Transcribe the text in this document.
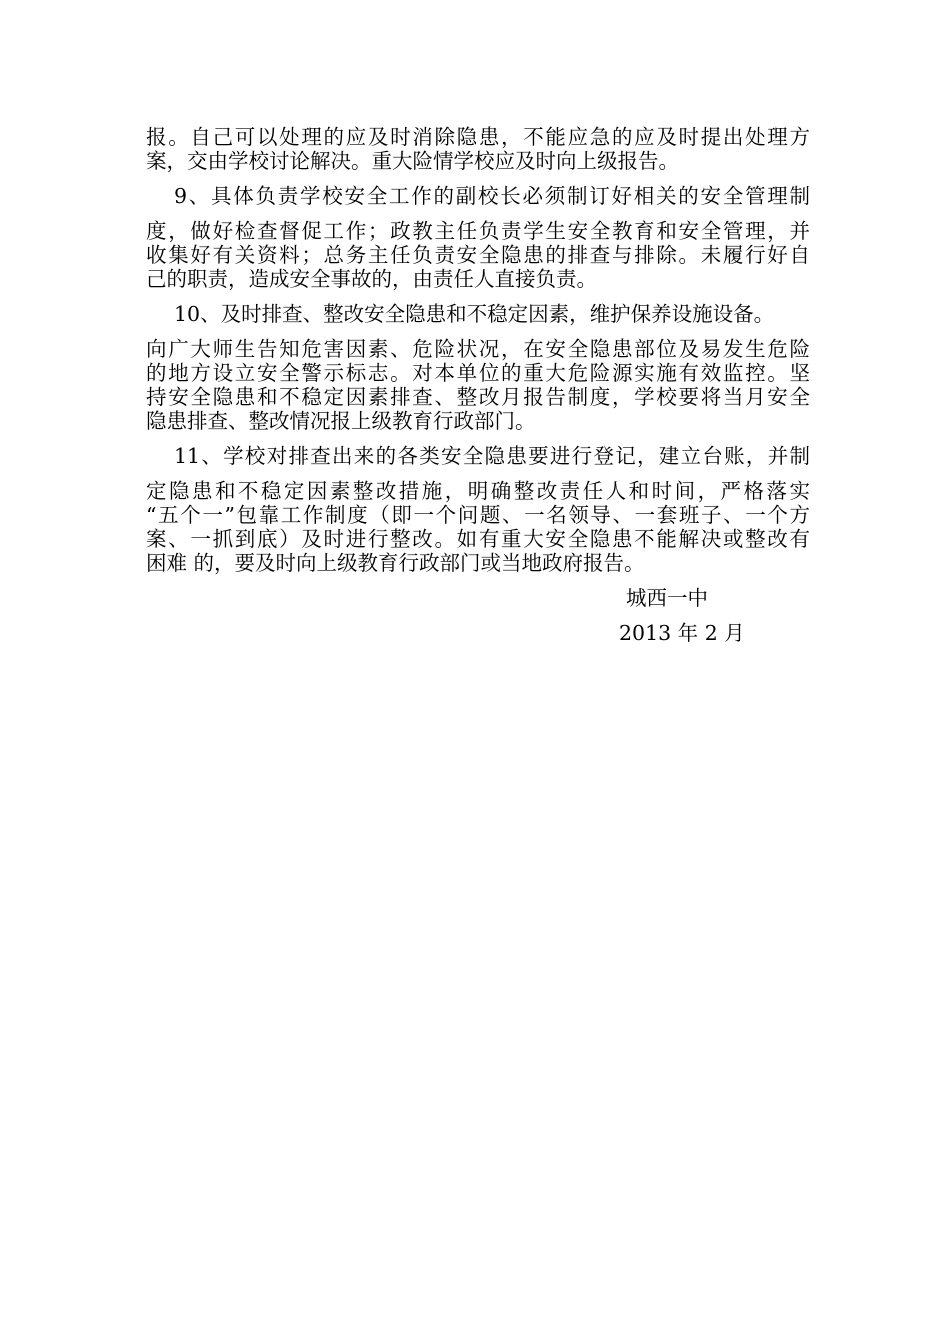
报。自己可以处理的应及时消除隐患，不能应急的应及时提出处理方
案，交由学校讨论解决。重大险情学校应及时向上级报告。
9、具体负责学校安全工作的副校长必须制订好相关的安全管理制
度，做好检查督促工作；政教主任负责学生安全教育和安全管理，并
收集好有关资料；总务主任负责安全隐患的排查与排除。未履行好自
己的职责，造成安全事故的，由责任人直接负责。
10、及时排查、整改安全隐患和不稳定因素，维护保养设施设备。
向广大师生告知危害因素、危险状况，在安全隐患部位及易发生危险
的地方设立安全警示标志。对本单位的重大危险源实施有效监控。坚
持安全隐患和不稳定因素排查、整改月报告制度，学校要将当月安全
隐患排查、整改情况报上级教育行政部门。
11、学校对排查出来的各类安全隐患要进行登记，建立台账，并制
定隐患和不稳定因素整改措施，明确整改责任人和时间，严格落实
“五个一”包靠工作制度（即一个问题、一名领导、一套班子、一个方
案、一抓到底）及时进行整改。如有重大安全隐患不能解决或整改有
困难 的，要及时向上级教育行政部门或当地政府报告。
城西一中
2013 年 2 月
